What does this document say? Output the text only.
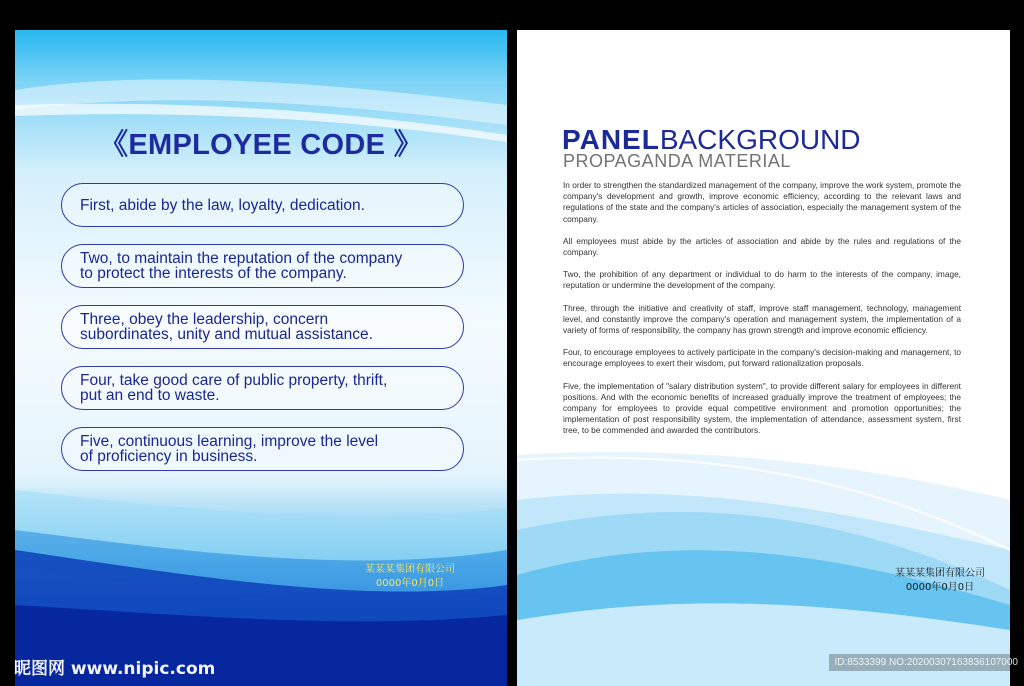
《EMPLOYEE CODE 》
First, abide by the law, loyalty, dedication.
Two, to maintain the reputation of the company
to protect the interests of the company.
Three, obey the leadership, concern
subordinates, unity and mutual assistance.
Four, take good care of public property, thrift,
put an end to waste.
Five, continuous learning, improve the level
of proficiency in business.
某某某集团有限公司
0000年0月0日
昵图网 www.nipic.com
PANELBACKGROUND
PROPAGANDA MATERIAL

In order to strengthen the standardized management of the company, improve the work system, promote the company's development and growth, improve economic efficiency, according to the relevant laws and regulations of the state and the company's articles of association, especially the management system of the company.

All employees must abide by the articles of association and abide by the rules and regulations of the company.

Two, the prohibition of any department or individual to do harm to the interests of the company, image, reputation or undermine the development of the company.

Three, through the initiative and creativity of staff, improve staff management, technology, management level, and constantly improve the company's operation and management system, the implementation of a variety of forms of responsibility, the company has grown strength and improve economic efficiency.

Four, to encourage employees to actively participate in the company's decision-making and management, to encourage employees to exert their wisdom, put forward rationalization proposals.

Five, the implementation of "salary distribution system", to provide different salary for employees in different positions. And with the economic benefits of increased gradually improve the treatment of employees; the company for employees to provide equal competitive environment and promotion opportunities; the implementation of post responsibility system, the implementation of attendance, assessment system, first tree, to be commended and awarded the contributors.

某某某集团有限公司
0000年0月0日
ID:8533399 NO:20200307163836107000
